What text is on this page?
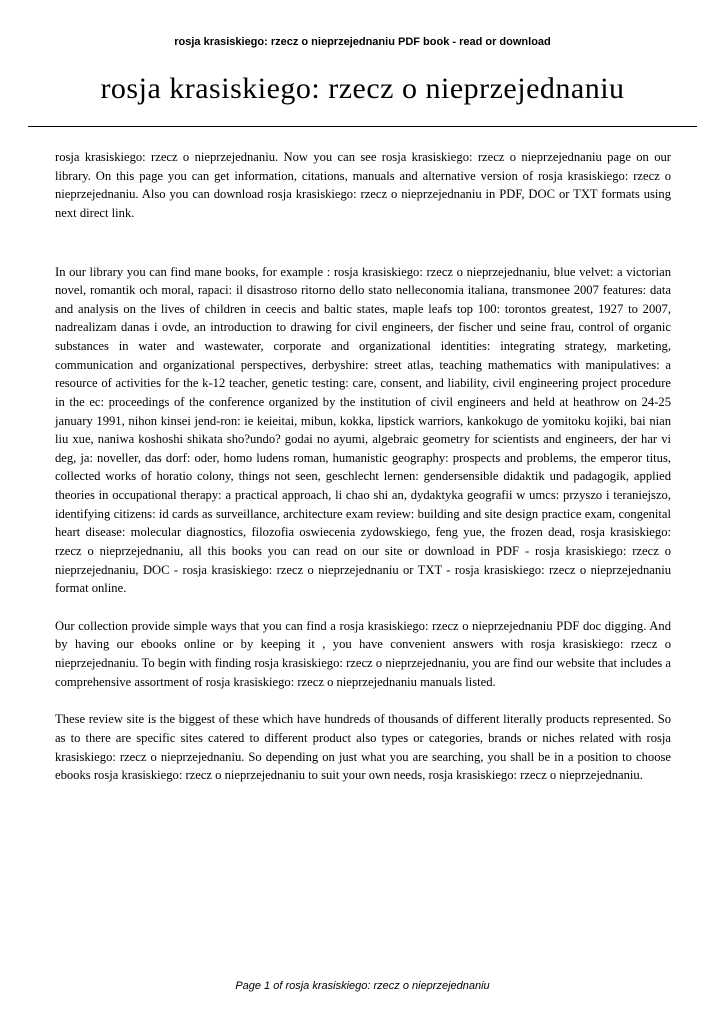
rosja krasiskiego: rzecz o nieprzejednaniu PDF book - read or download
rosja krasiskiego: rzecz o nieprzejednaniu

rosja krasiskiego: rzecz o nieprzejednaniu. Now you can see rosja krasiskiego: rzecz o nieprzejednaniu page on our library. On this page you can get information, citations, manuals and alternative version of rosja krasiskiego: rzecz o nieprzejednaniu. Also you can download rosja krasiskiego: rzecz o nieprzejednaniu in PDF, DOC or TXT formats using next direct link.

In our library you can find mane books, for example : rosja krasiskiego: rzecz o nieprzejednaniu, blue velvet: a victorian novel, romantik och moral, rapaci: il disastroso ritorno dello stato nelleconomia italiana, transmonee 2007 features: data and analysis on the lives of children in ceecis and baltic states, maple leafs top 100: torontos greatest, 1927 to 2007, nadrealizam danas i ovde, an introduction to drawing for civil engineers, der fischer und seine frau, control of organic substances in water and wastewater, corporate and organizational identities: integrating strategy, marketing, communication and organizational perspectives, derbyshire: street atlas, teaching mathematics with manipulatives: a resource of activities for the k-12 teacher, genetic testing: care, consent, and liability, civil engineering project procedure in the ec: proceedings of the conference organized by the institution of civil engineers and held at heathrow on 24-25 january 1991, nihon kinsei jend-ron: ie keieitai, mibun, kokka, lipstick warriors, kankokugo de yomitoku kojiki, bai nian liu xue, naniwa koshoshi shikata sho?undo? godai no ayumi, algebraic geometry for scientists and engineers, der har vi deg, ja: noveller, das dorf: oder, homo ludens roman, humanistic geography: prospects and problems, the emperor titus, collected works of horatio colony, things not seen, geschlecht lernen: gendersensible didaktik und padagogik, applied theories in occupational therapy: a practical approach, li chao shi an, dydaktyka geografii w umcs: przyszo i teraniejszo, identifying citizens: id cards as surveillance, architecture exam review: building and site design practice exam, congenital heart disease: molecular diagnostics, filozofia oswiecenia zydowskiego, feng yue, the frozen dead, rosja krasiskiego: rzecz o nieprzejednaniu, all this books you can read on our site or download in PDF - rosja krasiskiego: rzecz o nieprzejednaniu, DOC - rosja krasiskiego: rzecz o nieprzejednaniu or TXT - rosja krasiskiego: rzecz o nieprzejednaniu format online.

Our collection provide simple ways that you can find a rosja krasiskiego: rzecz o nieprzejednaniu PDF doc digging. And by having our ebooks online or by keeping it , you have convenient answers with rosja krasiskiego: rzecz o nieprzejednaniu. To begin with finding rosja krasiskiego: rzecz o nieprzejednaniu, you are find our website that includes a comprehensive assortment of rosja krasiskiego: rzecz o nieprzejednaniu manuals listed.

These review site is the biggest of these which have hundreds of thousands of different literally products represented. So as to there are specific sites catered to different product also types or categories, brands or niches related with rosja krasiskiego: rzecz o nieprzejednaniu. So depending on just what you are searching, you shall be in a position to choose ebooks rosja krasiskiego: rzecz o nieprzejednaniu to suit your own needs, rosja krasiskiego: rzecz o nieprzejednaniu.

Page 1 of rosja krasiskiego: rzecz o nieprzejednaniu
